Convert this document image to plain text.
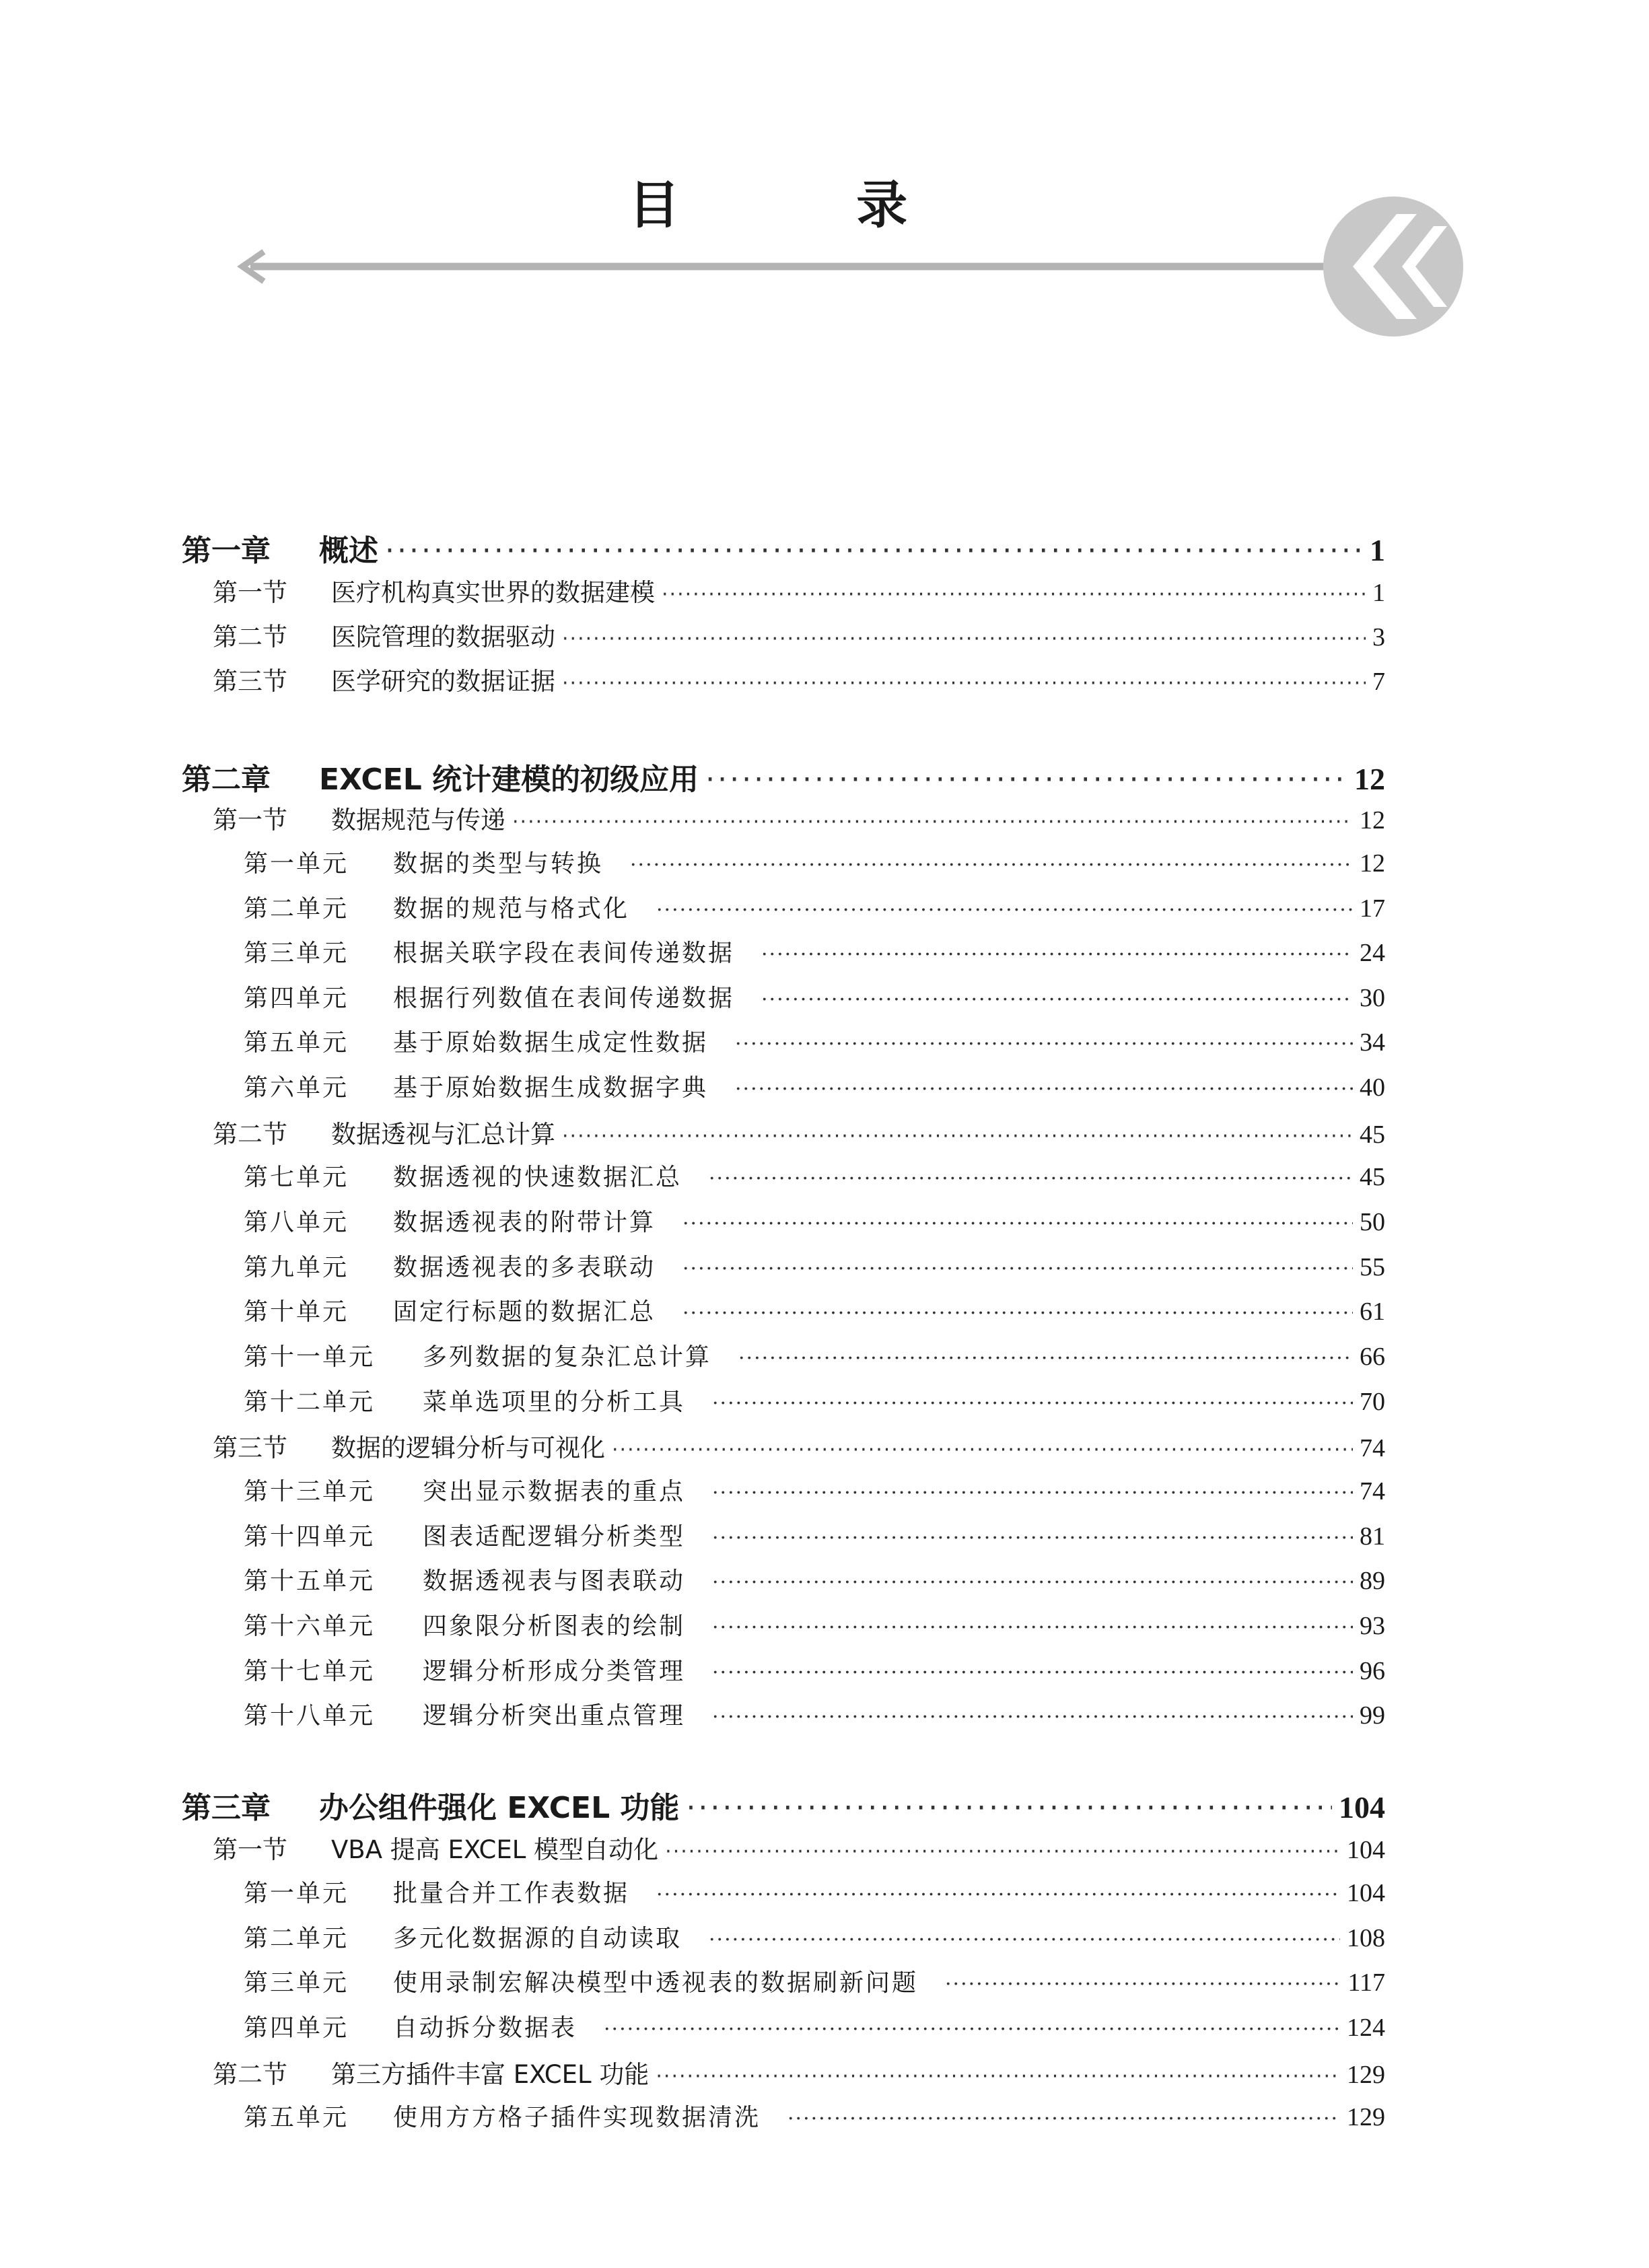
目 录
第一章	概述 ·····	1
第一节	医疗机构真实世界的数据建模 ·····	1
第二节	医院管理的数据驱动 ·····	3
第三节	医学研究的数据证据 ·····	7
第二章	EXCEL 统计建模的初级应用 ·····	12
第一节	数据规范与传递 ·····	12
第一单元	数据的类型与转换 ·····	12
第二单元	数据的规范与格式化 ·····	17
第三单元	根据关联字段在表间传递数据 ·····	24
第四单元	根据行列数值在表间传递数据 ·····	30
第五单元	基于原始数据生成定性数据 ·····	34
第六单元	基于原始数据生成数据字典 ·····	40
第二节	数据透视与汇总计算 ·····	45
第七单元	数据透视的快速数据汇总 ·····	45
第八单元	数据透视表的附带计算 ·····	50
第九单元	数据透视表的多表联动 ·····	55
第十单元	固定行标题的数据汇总 ·····	61
第十一单元	多列数据的复杂汇总计算 ·····	66
第十二单元	菜单选项里的分析工具 ·····	70
第三节	数据的逻辑分析与可视化 ·····	74
第十三单元	突出显示数据表的重点 ·····	74
第十四单元	图表适配逻辑分析类型 ·····	81
第十五单元	数据透视表与图表联动 ·····	89
第十六单元	四象限分析图表的绘制 ·····	93
第十七单元	逻辑分析形成分类管理 ·····	96
第十八单元	逻辑分析突出重点管理 ·····	99
第三章	办公组件强化 EXCEL 功能 ·····	104
第一节	VBA 提高 EXCEL 模型自动化 ·····	104
第一单元	批量合并工作表数据 ·····	104
第二单元	多元化数据源的自动读取 ·····	108
第三单元	使用录制宏解决模型中透视表的数据刷新问题 ·····	117
第四单元	自动拆分数据表 ·····	124
第二节	第三方插件丰富 EXCEL 功能 ·····	129
第五单元	使用方方格子插件实现数据清洗 ·····	129
